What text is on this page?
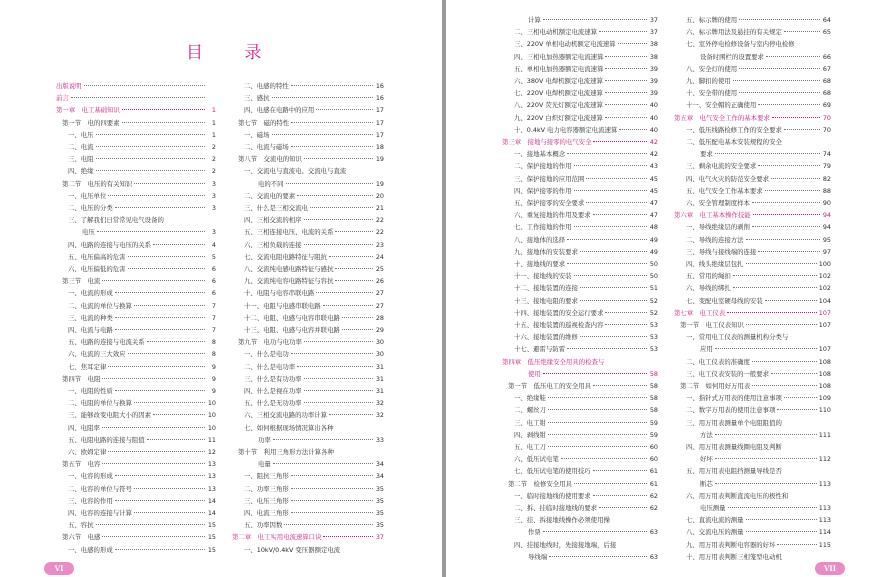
目 录
出版说明
前言
第一章　电工基础知识	1
第一节　电的四要素	1
一、电压	1
二、电流	2
三、电阻	2
四、绝缘	2
第二节　电压的有关知识	3
一、电压单位	3
二、电压的分类	3
三、了解我们日常常见电气设备的
电压	3
四、电路的连接与电压的关系	4
五、电压偏高的危害	5
六、电压偏低的危害	6
第三节　电流	6
一、电流的形成	6
二、电流的单位与换算	7
三、电流的种类	7
四、电流与电路	7
五、电路的连接与电流关系	8
六、电流的三大效应	8
七、焦耳定律	9
第四节　电阻	9
一、电阻的性质	9
二、电阻的单位与换算	10
三、能够改变电阻大小的因素	10
四、电阻率	10
五、电阻电路的连接与阻值	11
六、欧姆定律	12
第五节　电容	13
一、电容的形成	13
二、电容的单位与符号	13
三、电容的作用	14
四、电容的连接与计算	14
五、容抗	15
第六节　电感	15
一、电感的形成	15
二、电感的特性	16
三、感抗	16
四、电感在电路中的应用	17
第七节　磁的特性	17
一、磁场	17
二、电流与磁场	18
第八节　交流电的知识	19
一、交流电与直流电、交流电与直流
电的不同	19
二、交流电的要素	20
三、什么是三相交流电	21
四、三相交流的相序	22
五、三相连接电压、电流的关系	22
六、三相负载的连接	23
七、交流电阻电路特征与阻抗	24
八、交流纯电感电路特征与感抗	25
九、交流纯电容电路特征与容抗	26
十、电阻与电容串联电路	27
十一、电阻与电感串联电路	27
十二、电阻、电感与电容串联电路	28
十三、电阻、电感与电容并联电路	29
第九节　电功与电功率	30
一、什么是电功	30
二、什么是电功率	31
三、什么是有功功率	31
四、什么是视在功率	31
五、什么是无功功率	32
六、三相交流电路的功率计算	32
七、如何根据现场情况算出各种
功率	33
第十节　利用三角形方法计算各种
电量	34
一、阻抗三角形	34
二、功率三角形	35
三、电压三角形	35
四、电流三角形	35
五、功率因数	35
第二章　电工实用电流速算口诀	37
一、10kV/0.4kV 变压器额定电流
VI
计算	37
二、三相电动机额定电流速算	37
三、220V 单相电动机额定电流速算	38
四、三相电加热器额定电流速算	38
五、单相电加热器额定电流速算	39
六、380V 电焊机额定电流速算	39
七、220V 电焊机额定电流速算	39
八、220V 荧光灯额定电流速算	40
九、220V 白炽灯额定电流速算	40
十、0.4kV 电力电容器额定电流速算	40
第三章　接地与接零的电气安全	42
一、接地基本概念	42
二、保护接地的作用	43
三、保护接地的应用范围	45
四、保护接零的作用	45
五、保护接零的安全要求	47
六、重复接地的作用及要求	47
七、工作接地的作用	48
八、接地体的选择	49
九、接地体的安装要求	49
十、接地线的要求	50
十一、接地线的安装	50
十二、接地装置的连接	51
十三、接地电阻的要求	52
十四、接地装置的安全运行要求	52
十五、接地装置的巡视检查内容	53
十六、接地装置的维修	53
十七、避雷与防雷	53
第四章　低压绝缘安全用具的检查与
使用	58
第一节　低压电工的安全用具	58
一、绝缘鞋	58
二、螺丝刀	58
三、电工钳	59
四、剥线钳	59
五、电工刀	60
六、低压试电笔	60
七、低压试电笔的使用技巧	61
第二节　检修安全用具	61
一、临时接地线的使用要求	62
二、拆、挂临时接地线的要求	62
三、挂、拆接地线操作必须使用操
作票	63
四、挂接地线时，先接接地端，后接
导线端	63
五、标示牌的使用	64
六、标示牌用法及悬挂的有关规定	65
七、室外停电检修设备与室内停电检修
设备时围栏的设置要求	66
八、安全灯的使用	67
九、脚扣的使用	68
十、安全带的使用	68
十一、安全帽的正确使用	69
第五章　电气安全工作的基本要求	70
一、低压线路检修工作的安全要求	70
二、低压配电基本安装规程的安全
要求	74
三、剩余电流的安全要求	79
四、电气火灾的防范安全要求	82
五、电气安全工作基本要求	88
六、安全管理制度样本	90
第六章　电工基本操作技能	94
一、导线绝缘层的剥削	94
二、导线的连接方法	95
三、导线与接线端的连接	97
四、线头绝缘层包扎	100
五、常用的绳扣	102
六、导线的绑扎	102
七、变配电室硬母线的安装	104
第七章　电工仪表	107
第一节　电工仪表知识	107
一、常用电工仪表的测量机构分类与
应用	107
二、电工仪表的准确度	108
三、电工仪表安装的一般要求	108
第二节　如何用好万用表	108
一、指针式万用表的使用注意事项	109
二、数字万用表的使用注意事项	110
三、用万用表测量单个电阻阻值的
方法	111
四、用万用表测量线圈电阻及判断
好坏	112
五、用万用表电阻挡测量导线是否
断芯	113
六、用万用表判断直流电压的极性和
电压测量	113
七、直流电流的测量	113
八、交流电压的测量	114
九、用万用表判断电容器的好坏	115
十、用万用表判断三相笼型电动机
VII
